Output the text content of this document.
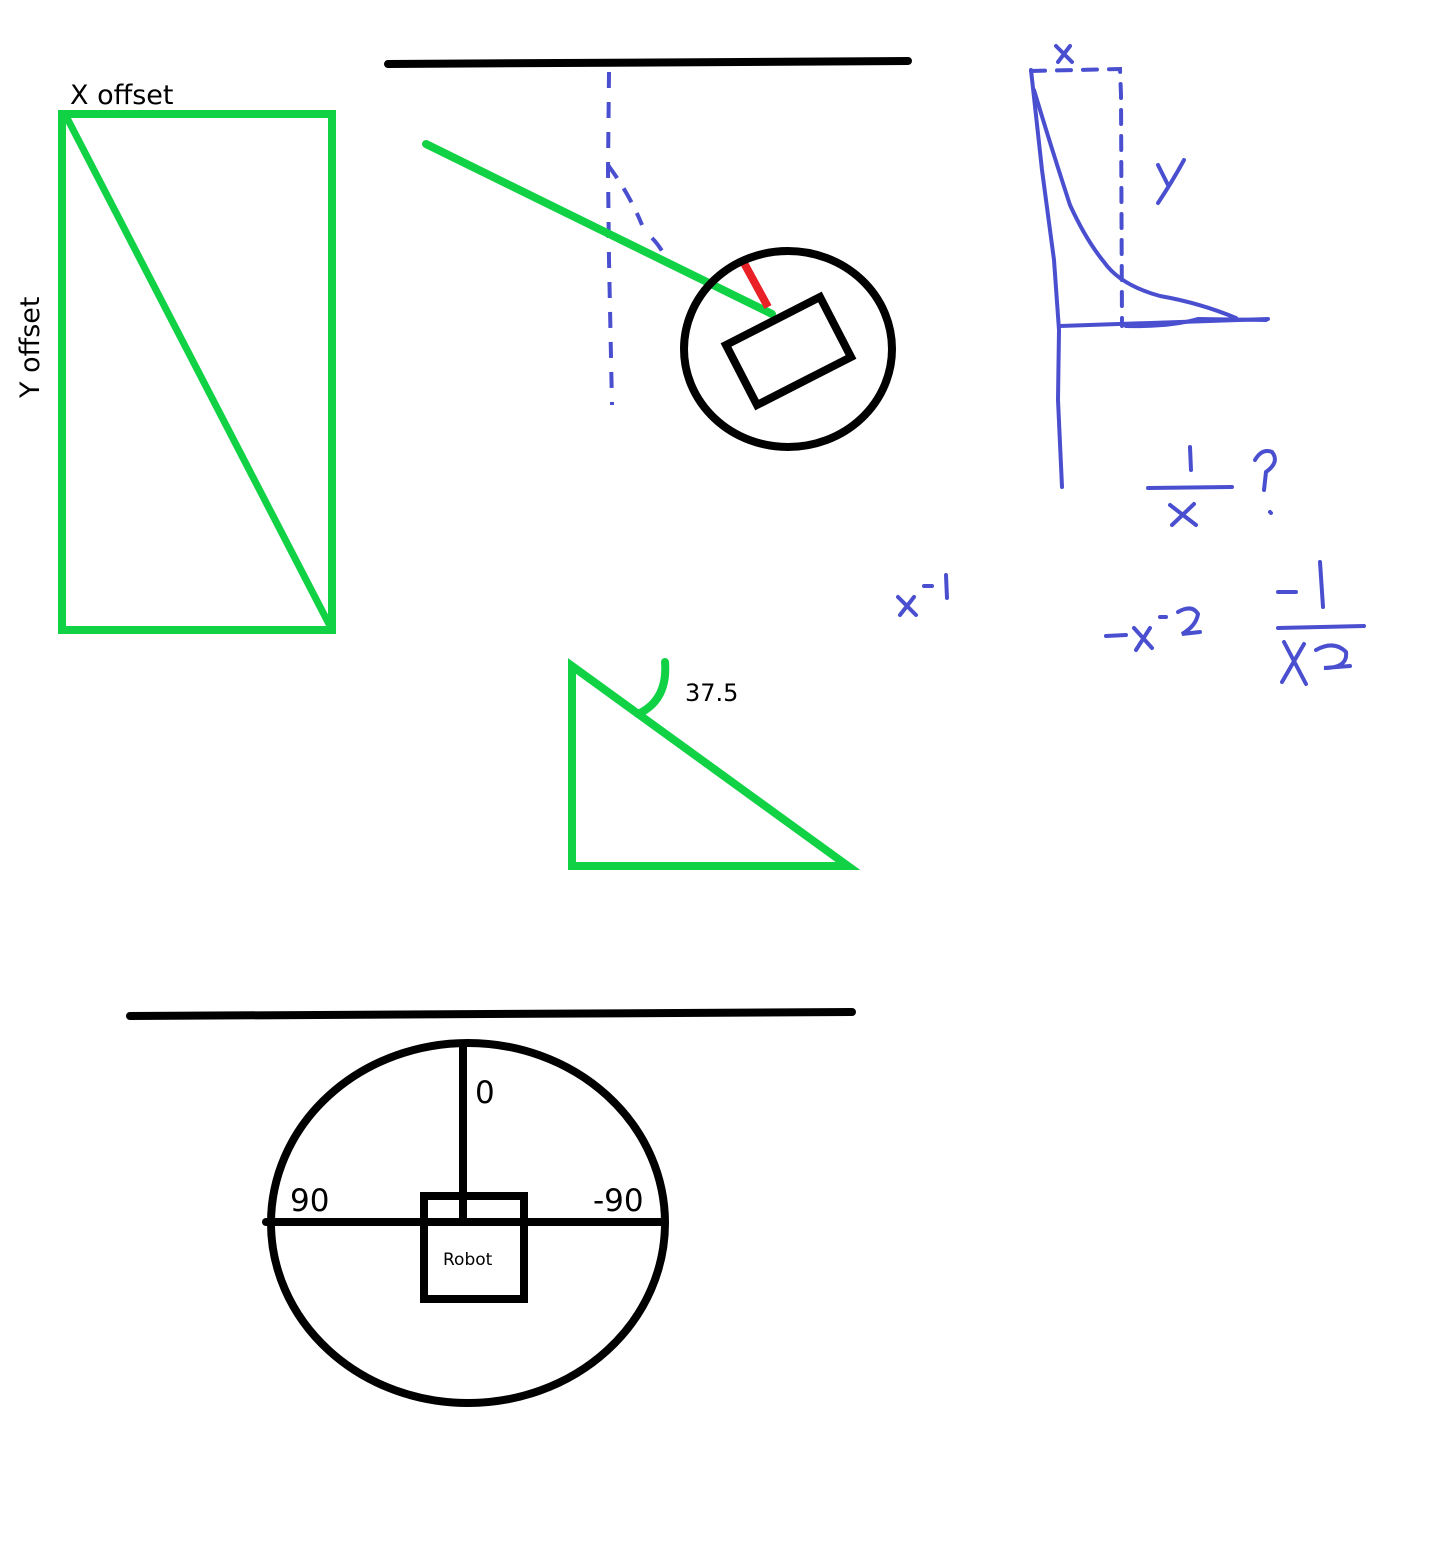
X offset
Y offset
37.5
Robot
0
90	-90
